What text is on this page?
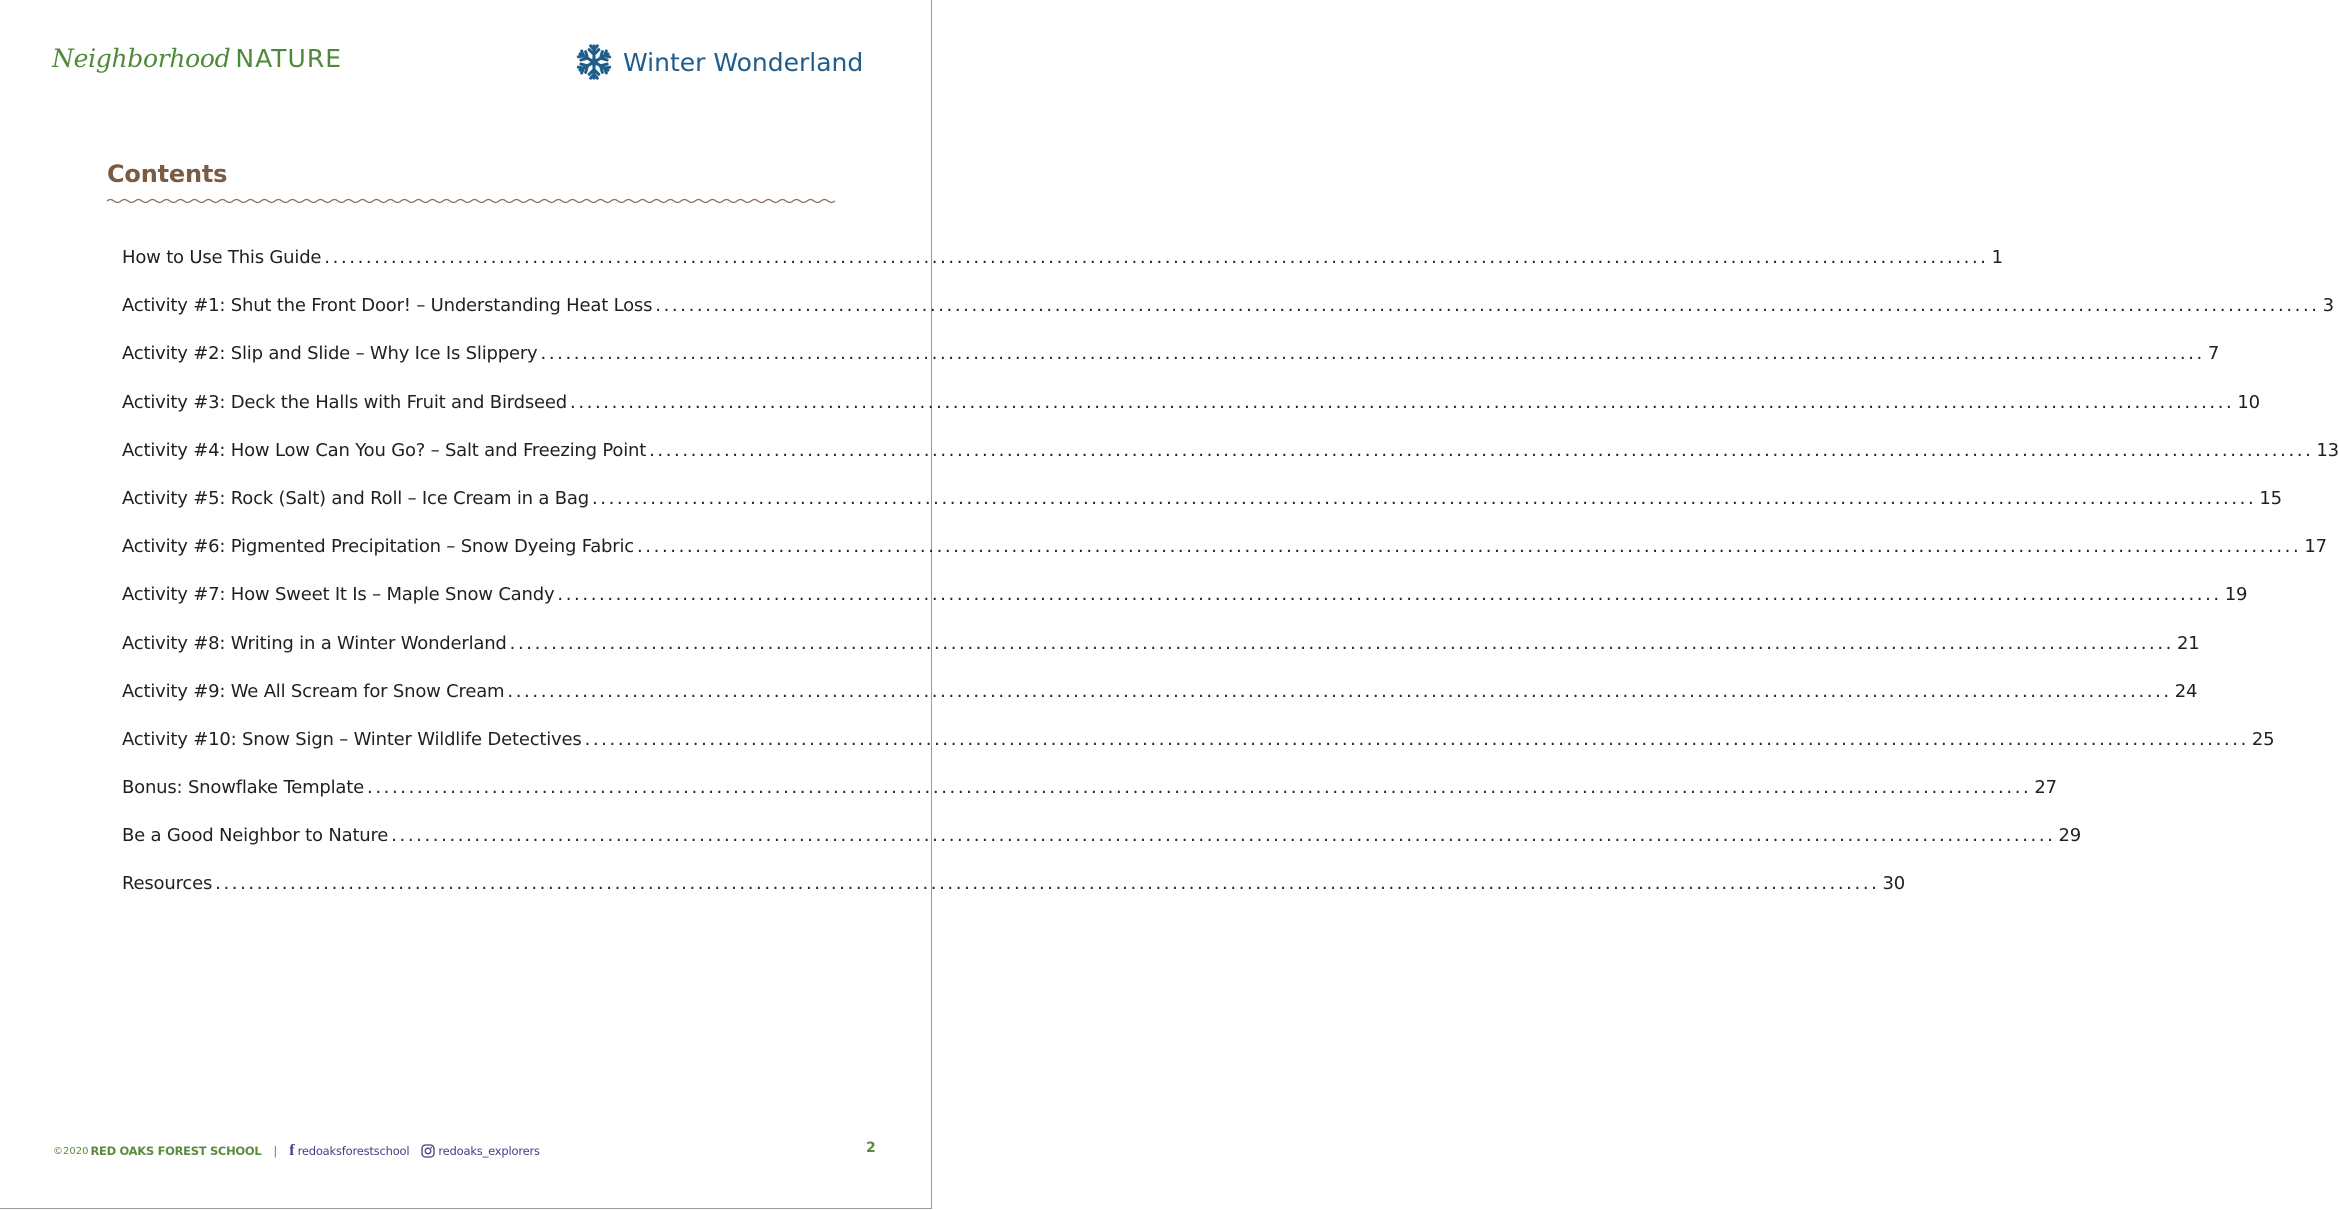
Neighborhood NATURE	Winter Wonderland
Contents
How to Use This Guide ........................................................................................................................................................................................................ 1
Activity #1: Shut the Front Door! – Understanding Heat Loss ........................................................................................................................................................................................................ 3
Activity #2: Slip and Slide – Why Ice Is Slippery ........................................................................................................................................................................................................ 7
Activity #3: Deck the Halls with Fruit and Birdseed ........................................................................................................................................................................................................ 10
Activity #4: How Low Can You Go? – Salt and Freezing Point ........................................................................................................................................................................................................ 13
Activity #5: Rock (Salt) and Roll – Ice Cream in a Bag ........................................................................................................................................................................................................ 15
Activity #6: Pigmented Precipitation – Snow Dyeing Fabric ........................................................................................................................................................................................................ 17
Activity #7: How Sweet It Is – Maple Snow Candy ........................................................................................................................................................................................................ 19
Activity #8: Writing in a Winter Wonderland ........................................................................................................................................................................................................ 21
Activity #9: We All Scream for Snow Cream ........................................................................................................................................................................................................ 24
Activity #10: Snow Sign – Winter Wildlife Detectives ........................................................................................................................................................................................................ 25
Bonus: Snowflake Template ........................................................................................................................................................................................................ 27
Be a Good Neighbor to Nature ........................................................................................................................................................................................................ 29
Resources ........................................................................................................................................................................................................ 30
©2020 RED OAKS FOREST SCHOOL | f redoaksforestschool	redoaks_explorers	2
